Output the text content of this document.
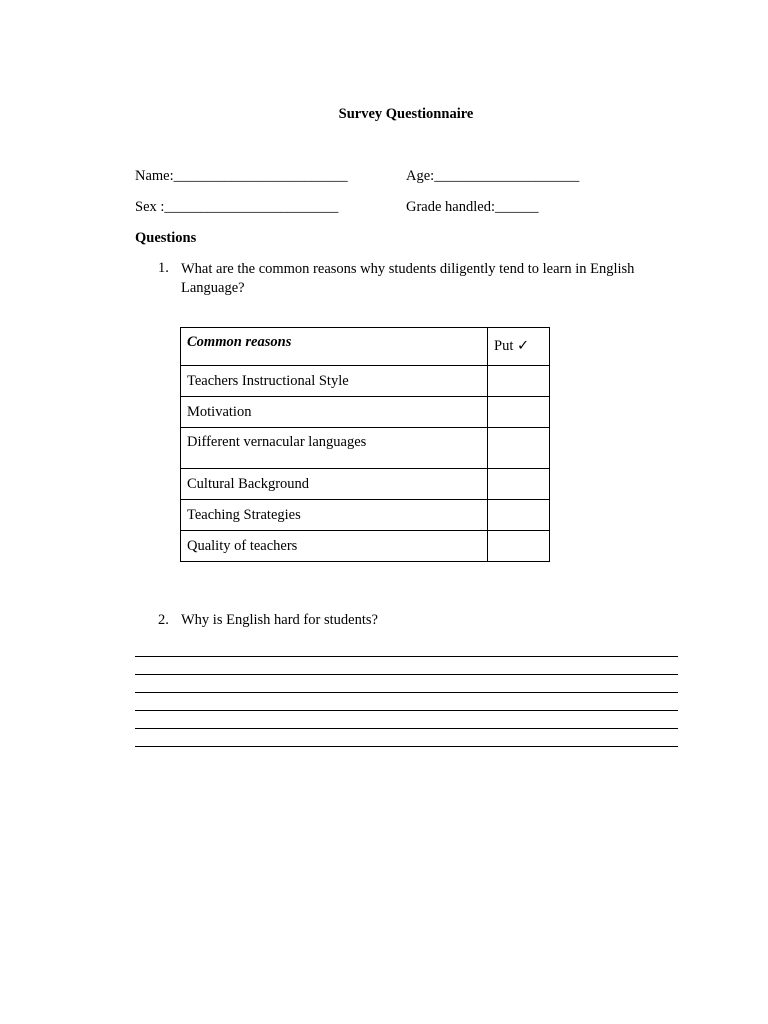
Survey Questionnaire
Name:________________________	Age:____________________
Sex :________________________	Grade handled:______
Questions
1. What are the common reasons why students diligently tend to learn in English Language?
Common reasons	Put ✓
Teachers Instructional Style	
Motivation	
Different vernacular languages	
Cultural Background	
Teaching Strategies	
Quality of teachers	
2. Why is English hard for students?
